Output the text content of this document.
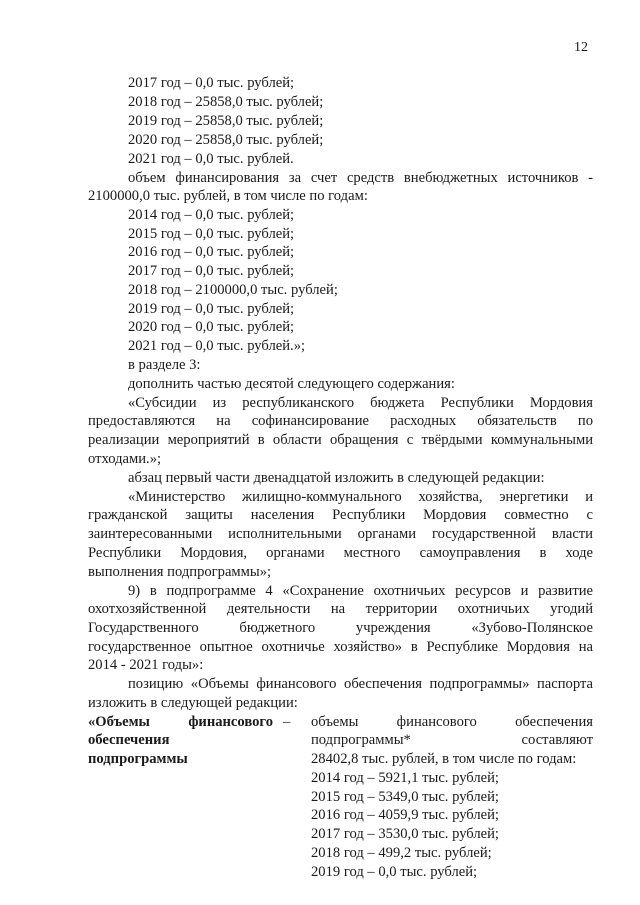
12
2017 год – 0,0 тыс. рублей;
2018 год – 25858,0 тыс. рублей;
2019 год – 25858,0 тыс. рублей;
2020 год – 25858,0 тыс. рублей;
2021 год – 0,0 тыс. рублей.
объем финансирования за счет средств внебюджетных источников -
2100000,0 тыс. рублей, в том числе по годам:
2014 год – 0,0 тыс. рублей;
2015 год – 0,0 тыс. рублей;
2016 год – 0,0 тыс. рублей;
2017 год – 0,0 тыс. рублей;
2018 год – 2100000,0 тыс. рублей;
2019 год – 0,0 тыс. рублей;
2020 год – 0,0 тыс. рублей;
2021 год – 0,0 тыс. рублей.»;
в разделе 3:
дополнить частью десятой следующего содержания:
«Субсидии из республиканского бюджета Республики Мордовия
предоставляются на софинансирование расходных обязательств по
реализации мероприятий в области обращения с твёрдыми коммунальными
отходами.»;
абзац первый части двенадцатой изложить в следующей редакции:
«Министерство жилищно-коммунального хозяйства, энергетики и
гражданской защиты населения Республики Мордовия совместно с
заинтересованными исполнительными органами государственной власти
Республики Мордовия, органами местного самоуправления в ходе
выполнения подпрограммы»;
9) в подпрограмме 4 «Сохранение охотничьих ресурсов и развитие
охотхозяйственной деятельности на территории охотничьих угодий
Государственного бюджетного учреждения «Зубово-Полянское
государственное опытное охотничье хозяйство» в Республике Мордовия на
2014 - 2021 годы»:
позицию «Объемы финансового обеспечения подпрограммы» паспорта
изложить в следующей редакции:
«Объемы финансового –
обеспечения
подпрограммы
объемы финансового обеспечения
подпрограммы* составляют
28402,8 тыс. рублей, в том числе по годам:
2014 год – 5921,1 тыс. рублей;
2015 год – 5349,0 тыс. рублей;
2016 год – 4059,9 тыс. рублей;
2017 год – 3530,0 тыс. рублей;
2018 год – 499,2 тыс. рублей;
2019 год – 0,0 тыс. рублей;
